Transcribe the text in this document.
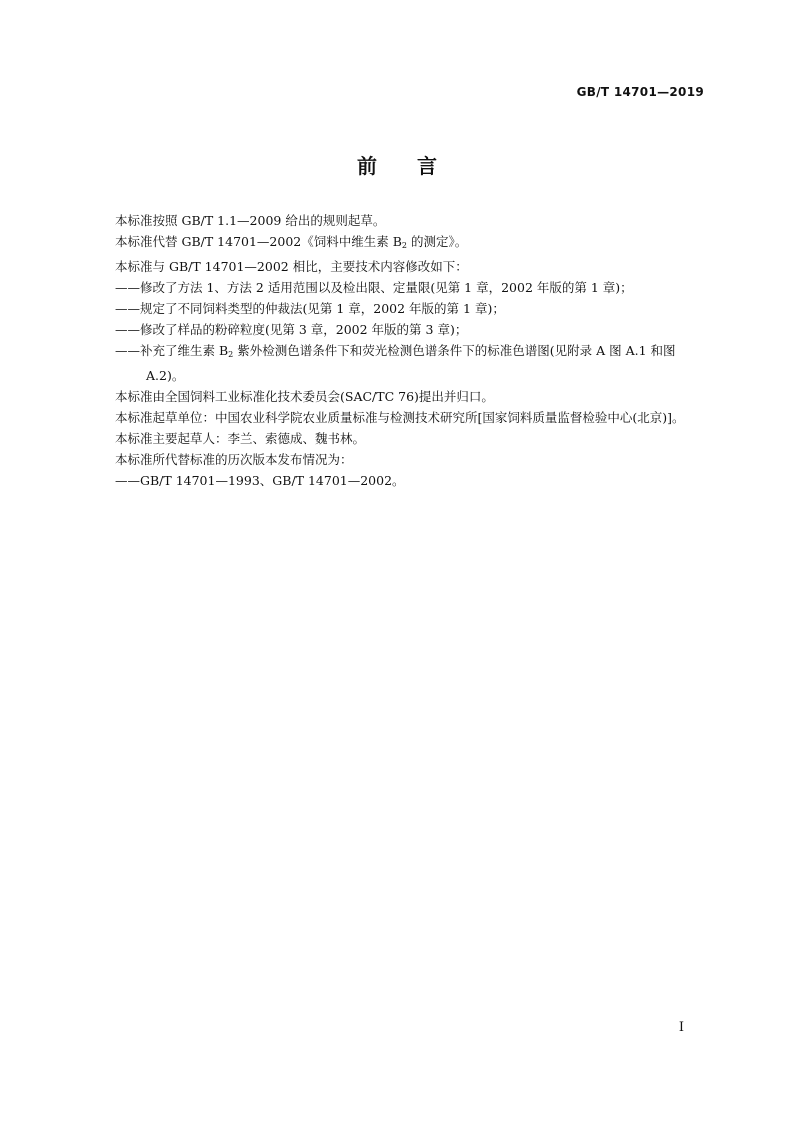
GB/T 14701—2019
前言

本标准按照 GB/T 1.1—2009 给出的规则起草。

本标准代替 GB/T 14701—2002《饲料中维生素 $B_2$ 的测定》。

本标准与 GB/T 14701—2002 相比，主要技术内容修改如下：

——修改了方法 1、方法 2 适用范围以及检出限、定量限(见第 1 章，2002 年版的第 1 章)；

——规定了不同饲料类型的仲裁法(见第 1 章，2002 年版的第 1 章)；

——修改了样品的粉碎粒度(见第 3 章，2002 年版的第 3 章)；

——补充了维生素 $B_2$ 紫外检测色谱条件下和荧光检测色谱条件下的标准色谱图(见附录 A 图 A.1 和图 A.2)。

本标准由全国饲料工业标准化技术委员会(SAC/TC 76)提出并归口。

本标准起草单位：中国农业科学院农业质量标准与检测技术研究所[国家饲料质量监督检验中心(北京)]。

本标准主要起草人：李兰、索德成、魏书林。

本标准所代替标准的历次版本发布情况为：

——GB/T 14701—1993、GB/T 14701—2002。

I
